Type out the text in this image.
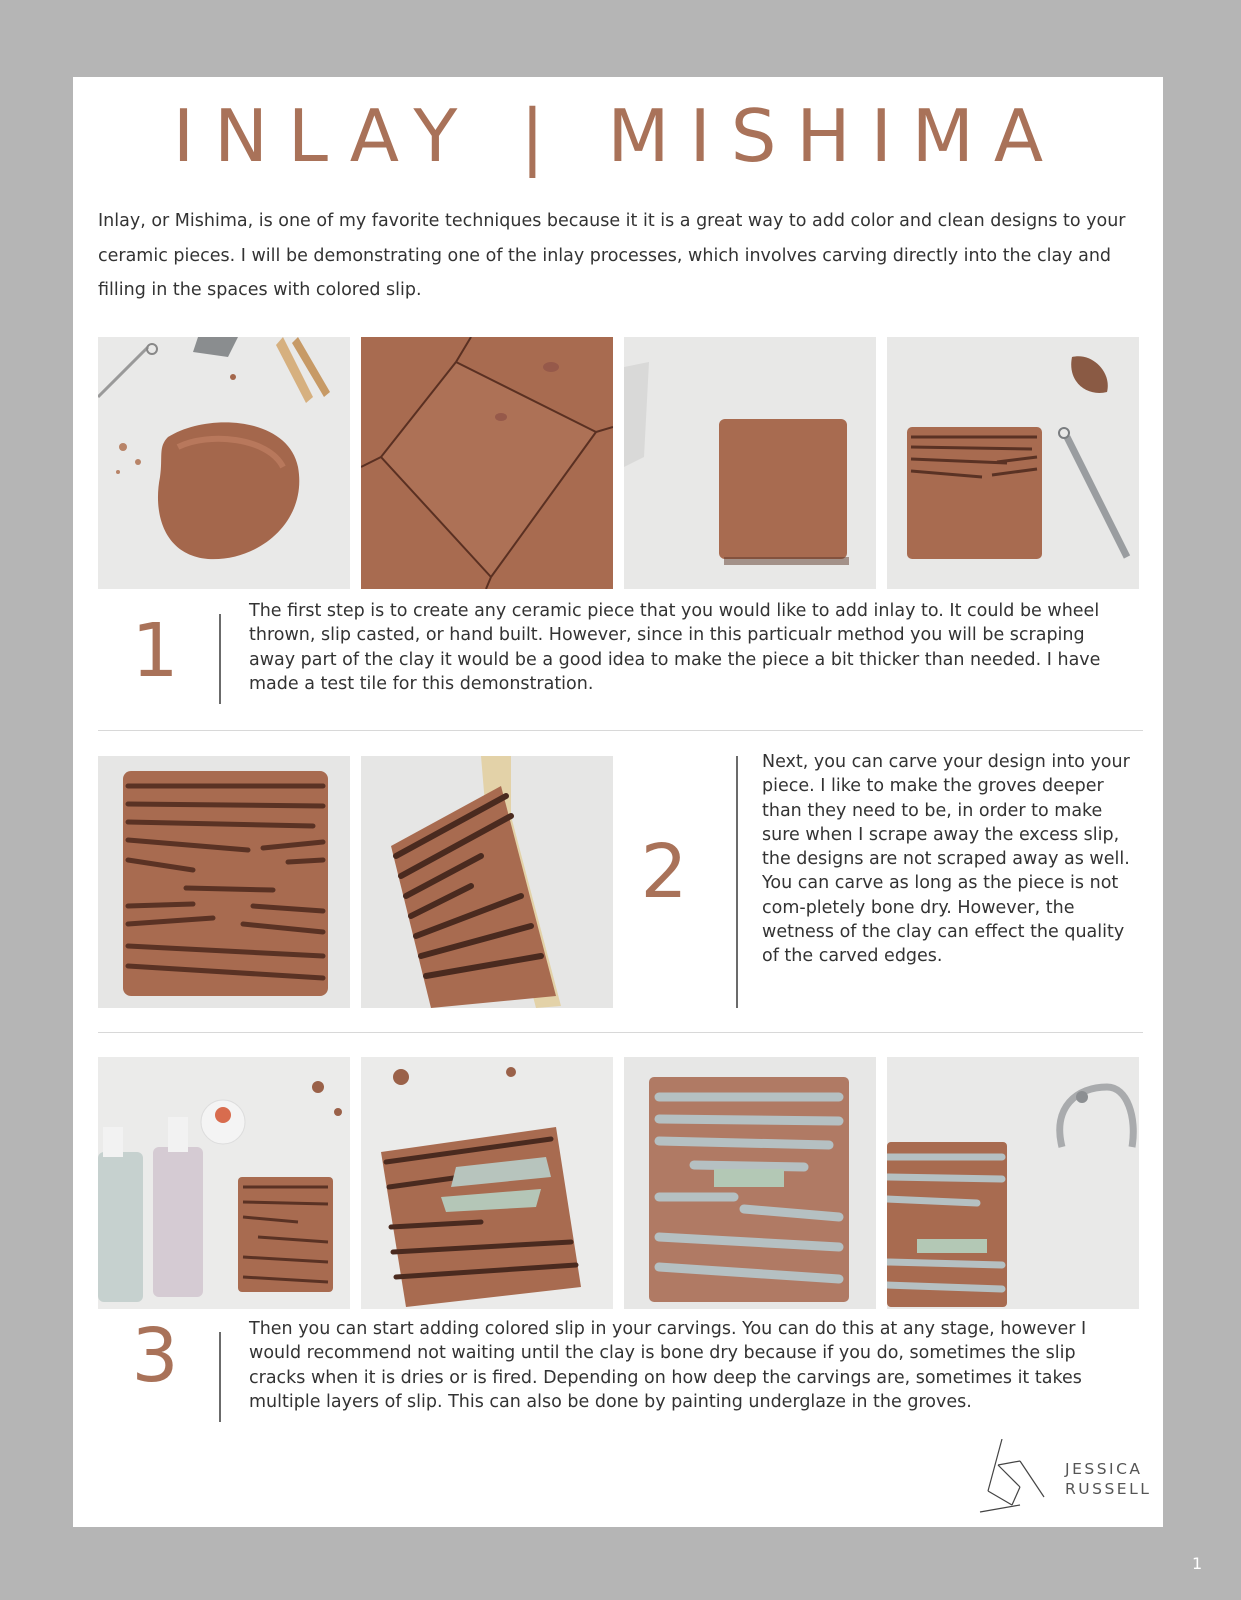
INLAY | MISHIMA
Inlay, or Mishima, is one of my favorite techniques because it it is a great way to add color and clean designs to your ceramic pieces. I will be demonstrating one of the inlay processes, which involves carving directly into the clay and filling in the spaces with colored slip.
1	The first step is to create any ceramic piece that you would like to add inlay to. It could be wheel thrown, slip casted, or hand built. However, since in this particualr method you will be scraping away part of the clay it would be a good idea to make the piece a bit thicker than needed. I have made a test tile for this demonstration.
2
Next, you can carve your design into your piece. I like to make the groves deeper than they need to be, in order to make sure when I scrape away the excess slip, the designs are not scraped away as well. You can carve as long as the piece is not com-pletely bone dry. However, the wetness of the clay can effect the quality of the carved edges.
3	Then you can start adding colored slip in your carvings. You can do this at any stage, however I would recommend not waiting until the clay is bone dry because if you do, sometimes the slip cracks when it is dries or is fired. Depending on how deep the carvings are, sometimes it takes multiple layers of slip. This can also be done by painting underglaze in the groves.
JESSICA
RUSSELL
1
